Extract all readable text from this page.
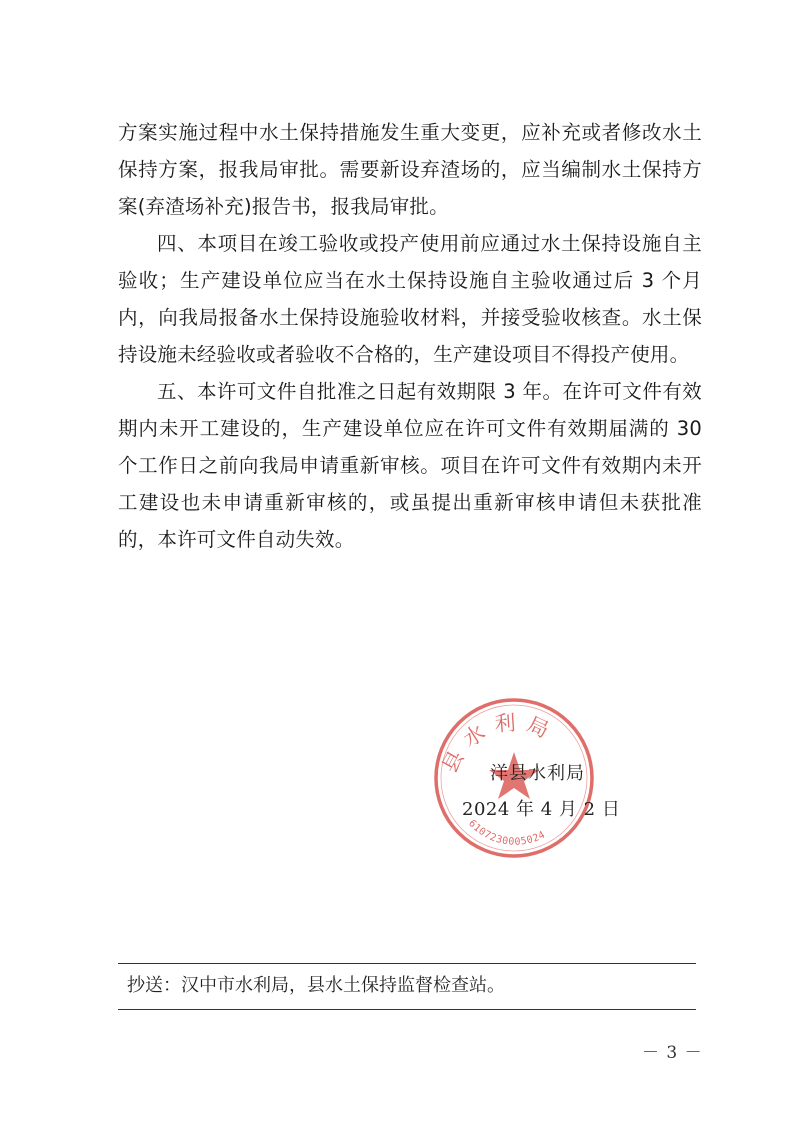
方案实施过程中水土保持措施发生重大变更，应补充或者修改水土保持方案，报我局审批。需要新设弃渣场的，应当编制水土保持方案(弃渣场补充)报告书，报我局审批。

四、本项目在竣工验收或投产使用前应通过水土保持设施自主验收；生产建设单位应当在水土保持设施自主验收通过后 3 个月内，向我局报备水土保持设施验收材料，并接受验收核查。水土保持设施未经验收或者验收不合格的，生产建设项目不得投产使用。

五、本许可文件自批准之日起有效期限 3 年。在许可文件有效期内未开工建设的，生产建设单位应在许可文件有效期届满的 30 个工作日之前向我局申请重新审核。项目在许可文件有效期内未开工建设也未申请重新审核的，或虽提出重新审核申请但未获批准的，本许可文件自动失效。

县水利局
6107230005024
洋县水利局
2024 年 4 月 2 日
抄送：汉中市水利局，县水土保持监督检查站。
－ 3 －
